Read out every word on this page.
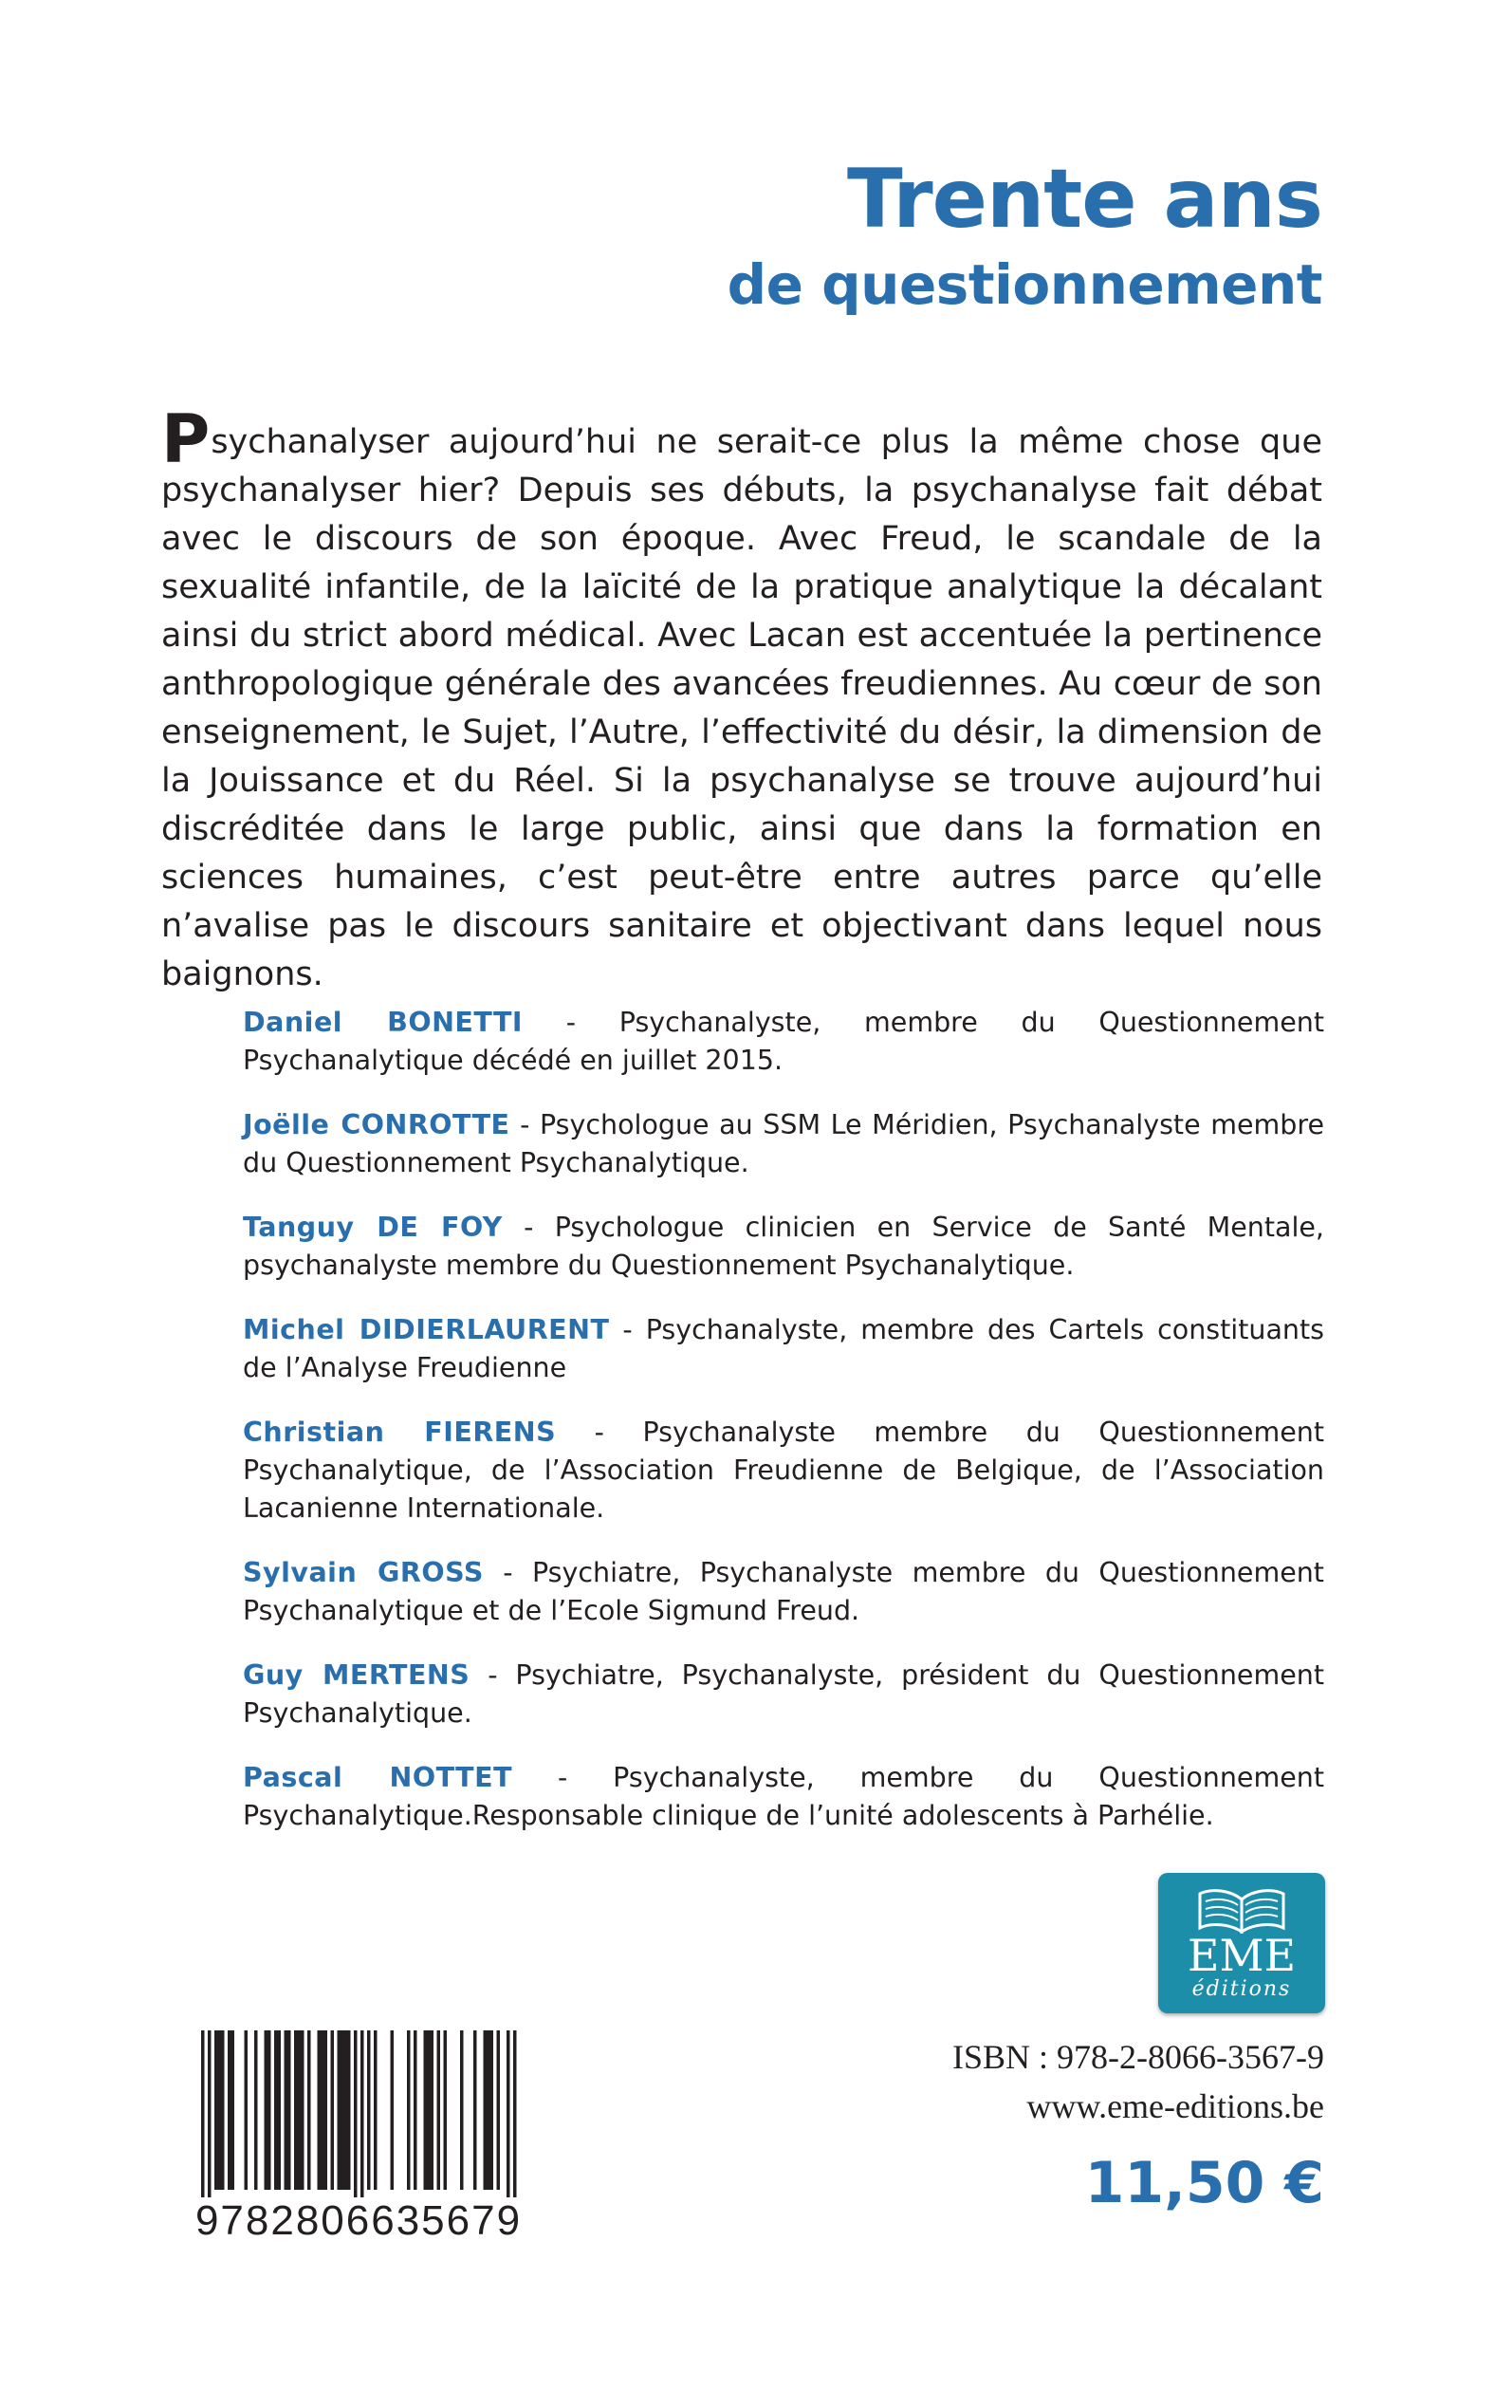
Trente ans
de questionnement
Psychanalyser aujourd’hui ne serait-ce plus la même chose que psychanalyser hier? Depuis ses débuts, la psychanalyse fait débat avec le discours de son époque. Avec Freud, le scandale de la sexualité infantile, de la laïcité de la pratique analytique la décalant ainsi du strict abord médical. Avec Lacan est accentuée la pertinence anthropologique générale des avancées freudiennes. Au cœur de son enseignement, le Sujet, l’Autre, l’effectivité du désir, la dimension de la Jouissance et du Réel. Si la psychanalyse se trouve aujourd’hui discréditée dans le large public, ainsi que dans la formation en sciences humaines, c’est peut-être entre autres parce qu’elle n’avalise pas le discours sanitaire et objectivant dans lequel nous baignons.
Daniel BONETTI - Psychanalyste, membre du Questionnement Psychanalytique décédé en juillet 2015.
Joëlle CONROTTE - Psychologue au SSM Le Méridien, Psychanalyste membre du Questionnement Psychanalytique.
Tanguy DE FOY - Psychologue clinicien en Service de Santé Mentale, psychanalyste membre du Questionnement Psychanalytique.
Michel DIDIERLAURENT - Psychanalyste, membre des Cartels constituants de l’Analyse Freudienne
Christian FIERENS - Psychanalyste membre du Questionnement Psychanalytique, de l’Association Freudienne de Belgique, de l’Association Lacanienne Internationale.
Sylvain GROSS - Psychiatre, Psychanalyste membre du Questionnement Psychanalytique et de l’Ecole Sigmund Freud.
Guy MERTENS - Psychiatre, Psychanalyste, président du Questionnement Psychanalytique.
Pascal NOTTET - Psychanalyste, membre du Questionnement Psychanalytique.Responsable clinique de l’unité adolescents à Parhélie.
EME
éditions
ISBN : 978-2-8066-3567-9
www.eme-editions.be
11,50 €
9782806635679
